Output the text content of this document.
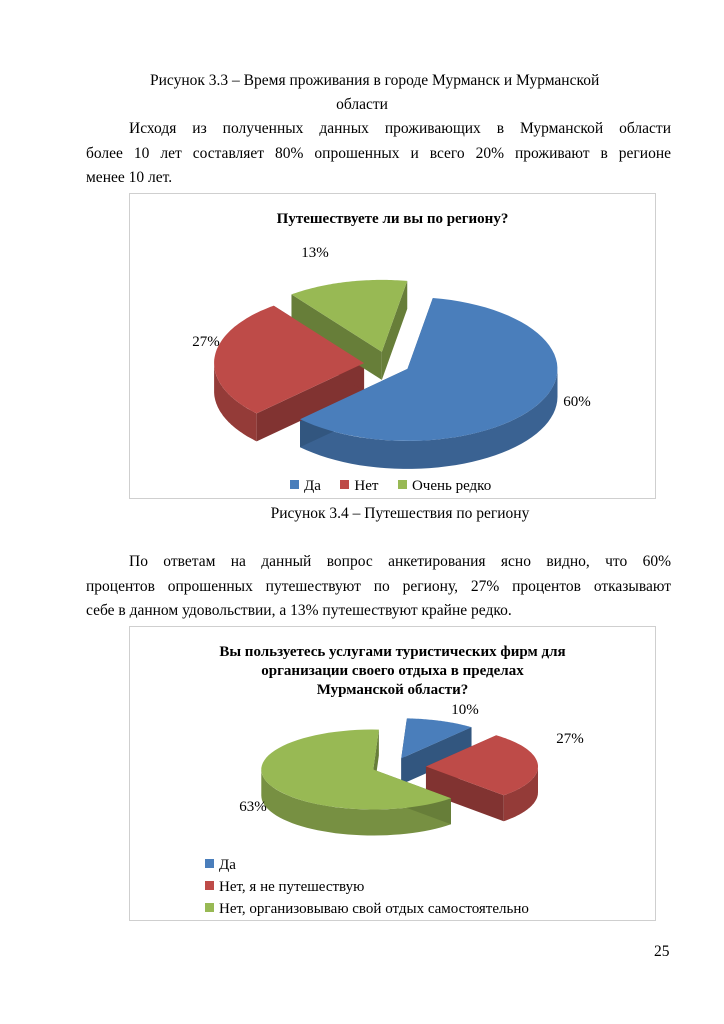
Рисунок 3.3 – Время проживания в городе Мурманск и Мурманской
области
Исходя из полученных данных проживающих в Мурманской области
более 10 лет составляет 80% опрошенных и всего 20% проживают в регионе
менее 10 лет.
Путешествуете ли вы по региону?
60%
27%
13%
Да Нет Очень редко
Рисунок 3.4 – Путешествия по региону
По ответам на данный вопрос анкетирования ясно видно, что 60%
процентов опрошенных путешествуют по региону, 27% процентов отказывают
себе в данном удовольствии, а 13% путешествуют крайне редко.
Вы пользуетесь услугами туристических фирм для
организации своего отдыха в пределах
Мурманской области?
10%
27%
63%
Да
Нет, я не путешествую
Нет, организовываю свой отдых самостоятельно
25
